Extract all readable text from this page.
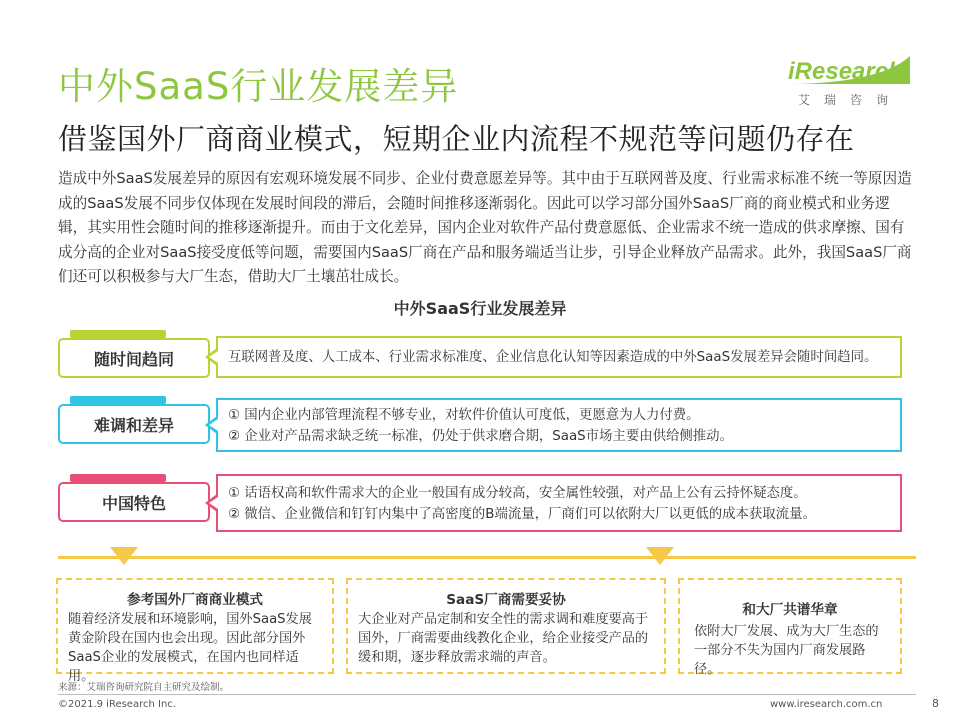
中外SaaS行业发展差异
借鉴国外厂商商业模式，短期企业内流程不规范等问题仍存在
iResearch
艾瑞咨询
造成中外SaaS发展差异的原因有宏观环境发展不同步、企业付费意愿差异等。其中由于互联网普及度、行业需求标准不统一等原因造成的SaaS发展不同步仅体现在发展时间段的滞后，会随时间推移逐渐弱化。因此可以学习部分国外SaaS厂商的商业模式和业务逻辑，其实用性会随时间的推移逐渐提升。而由于文化差异，国内企业对软件产品付费意愿低、企业需求不统一造成的供求摩擦、国有成分高的企业对SaaS接受度低等问题，需要国内SaaS厂商在产品和服务端适当让步，引导企业释放产品需求。此外，我国SaaS厂商们还可以积极参与大厂生态，借助大厂土壤茁壮成长。
中外SaaS行业发展差异
随时间趋同	互联网普及度、人工成本、行业需求标准度、企业信息化认知等因素造成的中外SaaS发展差异会随时间趋同。
难调和差异	① 国内企业内部管理流程不够专业，对软件价值认可度低，更愿意为人力付费。
② 企业对产品需求缺乏统一标准，仍处于供求磨合期，SaaS市场主要由供给侧推动。
中国特色	① 话语权高和软件需求大的企业一般国有成分较高，安全属性较强，对产品上公有云持怀疑态度。
② 微信、企业微信和钉钉内集中了高密度的B端流量，厂商们可以依附大厂以更低的成本获取流量。
参考国外厂商商业模式
随着经济发展和环境影响，国外SaaS发展黄金阶段在国内也会出现。因此部分国外SaaS企业的发展模式，在国内也同样适用。
SaaS厂商需要妥协
大企业对产品定制和安全性的需求调和难度要高于国外，厂商需要曲线教化企业，给企业接受产品的缓和期，逐步释放需求端的声音。
和大厂共谱华章
依附大厂发展、成为大厂生态的一部分不失为国内厂商发展路径。
来源：艾瑞咨询研究院自主研究及绘制。
©2021.9 iResearch Inc.	www.iresearch.com.cn	8
